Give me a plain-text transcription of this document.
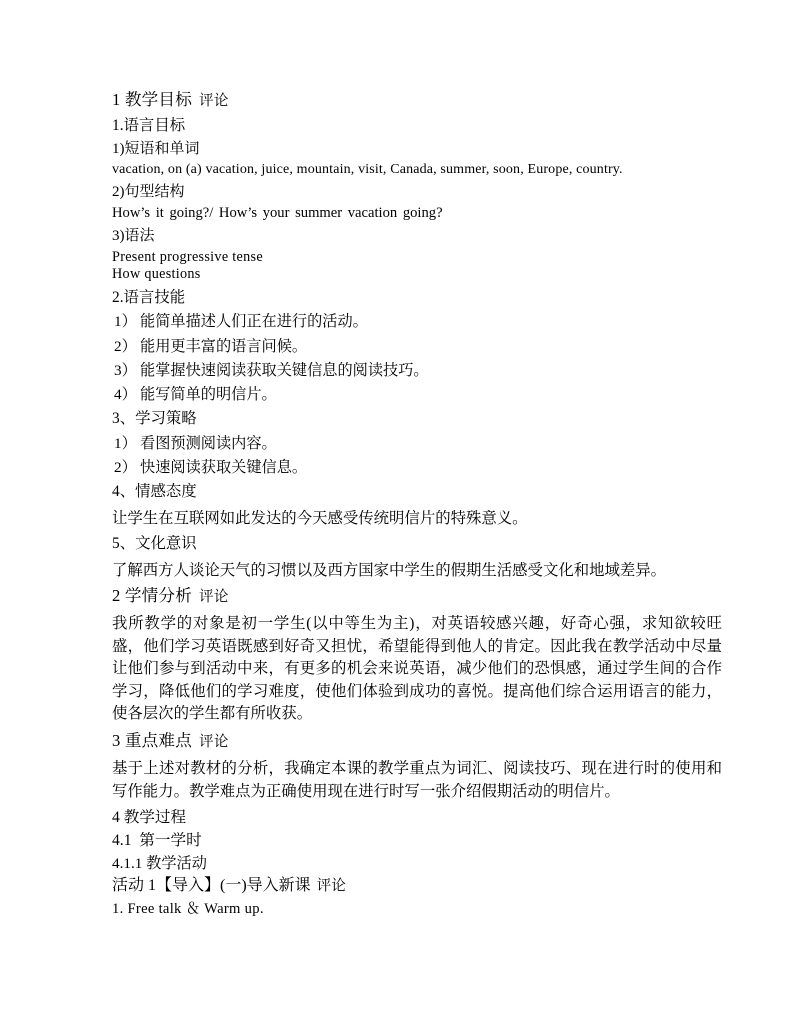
1 教学目标 评论
1.语言目标
1)短语和单词
vacation, on (a) vacation, juice, mountain, visit, Canada, summer, soon, Europe, country.
2)句型结构
How’s it going?/ How’s your summer vacation going?
3)语法
Present progressive tense
How questions
2.语言技能
1） 能简单描述人们正在进行的活动。
2） 能用更丰富的语言问候。
3） 能掌握快速阅读获取关键信息的阅读技巧。
4） 能写简单的明信片。
3、学习策略
1） 看图预测阅读内容。
2） 快速阅读获取关键信息。
4、情感态度
让学生在互联网如此发达的今天感受传统明信片的特殊意义。
5、文化意识
了解西方人谈论天气的习惯以及西方国家中学生的假期生活感受文化和地域差异。
2 学情分析 评论
我所教学的对象是初一学生(以中等生为主)，对英语较感兴趣，好奇心强，求知欲较旺盛，他们学习英语既感到好奇又担忧，希望能得到他人的肯定。因此我在教学活动中尽量让他们参与到活动中来，有更多的机会来说英语，减少他们的恐惧感，通过学生间的合作学习，降低他们的学习难度，使他们体验到成功的喜悦。提高他们综合运用语言的能力，使各层次的学生都有所收获。
3 重点难点 评论
基于上述对教材的分析，我确定本课的教学重点为词汇、阅读技巧、现在进行时的使用和写作能力。教学难点为正确使用现在进行时写一张介绍假期活动的明信片。
4 教学过程
4.1  第一学时
4.1.1 教学活动
活动 1【导入】(一)导入新课 评论
1. Free talk ＆ Warm up.
